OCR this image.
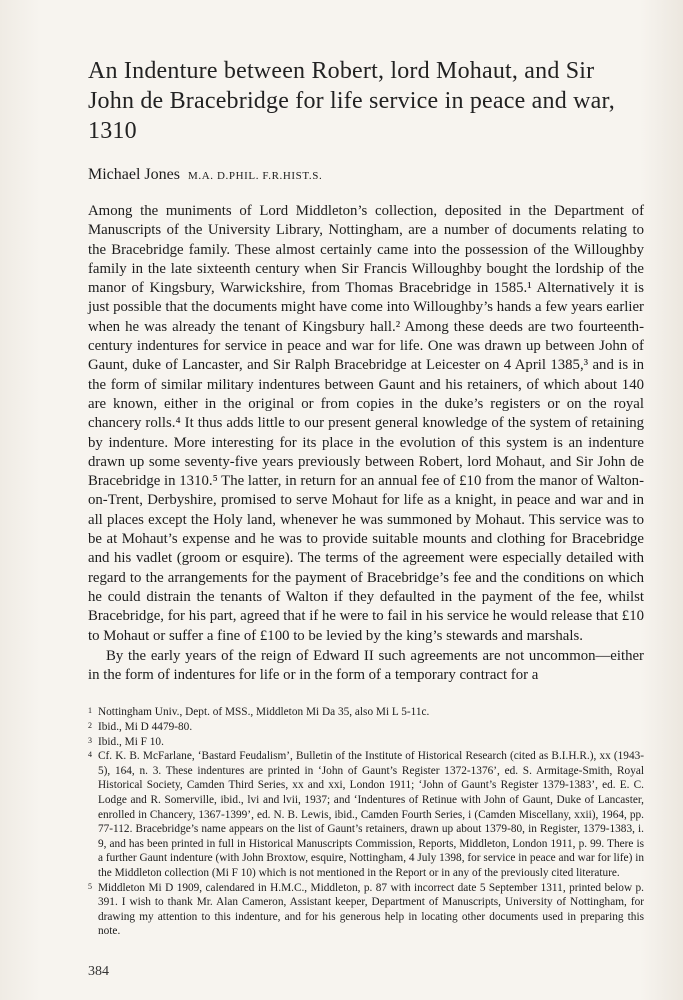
An Indenture between Robert, lord Mohaut, and Sir John de Bracebridge for life service in peace and war, 1310
Michael Jones M.A. D.PHIL. F.R.HIST.S.

Among the muniments of Lord Middleton’s collection, deposited in the Department of Manuscripts of the University Library, Nottingham, are a number of documents relating to the Bracebridge family. These almost certainly came into the possession of the Willoughby family in the late sixteenth century when Sir Francis Willoughby bought the lordship of the manor of Kingsbury, Warwickshire, from Thomas Bracebridge in 1585.¹ Alternatively it is just possible that the documents might have come into Willoughby’s hands a few years earlier when he was already the tenant of Kingsbury hall.² Among these deeds are two fourteenth-century indentures for service in peace and war for life. One was drawn up between John of Gaunt, duke of Lancaster, and Sir Ralph Bracebridge at Leicester on 4 April 1385,³ and is in the form of similar military indentures between Gaunt and his retainers, of which about 140 are known, either in the original or from copies in the duke’s registers or on the royal chancery rolls.⁴ It thus adds little to our present general knowledge of the system of retaining by indenture. More interesting for its place in the evolution of this system is an indenture drawn up some seventy-five years previously between Robert, lord Mohaut, and Sir John de Bracebridge in 1310.⁵ The latter, in return for an annual fee of £10 from the manor of Walton-on-Trent, Derbyshire, promised to serve Mohaut for life as a knight, in peace and war and in all places except the Holy land, whenever he was summoned by Mohaut. This service was to be at Mohaut’s expense and he was to provide suitable mounts and clothing for Bracebridge and his vadlet (groom or esquire). The terms of the agreement were especially detailed with regard to the arrangements for the payment of Bracebridge’s fee and the conditions on which he could distrain the tenants of Walton if they defaulted in the payment of the fee, whilst Bracebridge, for his part, agreed that if he were to fail in his service he would release that £10 to Mohaut or suffer a fine of £100 to be levied by the king’s stewards and marshals.

By the early years of the reign of Edward II such agreements are not uncommon—either in the form of indentures for life or in the form of a temporary contract for a

1 Nottingham Univ., Dept. of MSS., Middleton Mi Da 35, also Mi L 5-11c.
2 Ibid., Mi D 4479-80.
3 Ibid., Mi F 10.
4 Cf. K. B. McFarlane, ‘Bastard Feudalism’, Bulletin of the Institute of Historical Research (cited as B.I.H.R.), xx (1943-5), 164, n. 3. These indentures are printed in ‘John of Gaunt’s Register 1372-1376’, ed. S. Armitage-Smith, Royal Historical Society, Camden Third Series, xx and xxi, London 1911; ‘John of Gaunt’s Register 1379-1383’, ed. E. C. Lodge and R. Somerville, ibid., lvi and lvii, 1937; and ‘Indentures of Retinue with John of Gaunt, Duke of Lancaster, enrolled in Chancery, 1367-1399’, ed. N. B. Lewis, ibid., Camden Fourth Series, i (Camden Miscellany, xxii), 1964, pp. 77-112. Bracebridge’s name appears on the list of Gaunt’s retainers, drawn up about 1379-80, in Register, 1379-1383, i. 9, and has been printed in full in Historical Manuscripts Commission, Reports, Middleton, London 1911, p. 99. There is a further Gaunt indenture (with John Broxtow, esquire, Nottingham, 4 July 1398, for service in peace and war for life) in the Middleton collection (Mi F 10) which is not mentioned in the Report or in any of the previously cited literature.
5 Middleton Mi D 1909, calendared in H.M.C., Middleton, p. 87 with incorrect date 5 September 1311, printed below p. 391. I wish to thank Mr. Alan Cameron, Assistant keeper, Department of Manuscripts, University of Nottingham, for drawing my attention to this indenture, and for his generous help in locating other documents used in preparing this note.
384
